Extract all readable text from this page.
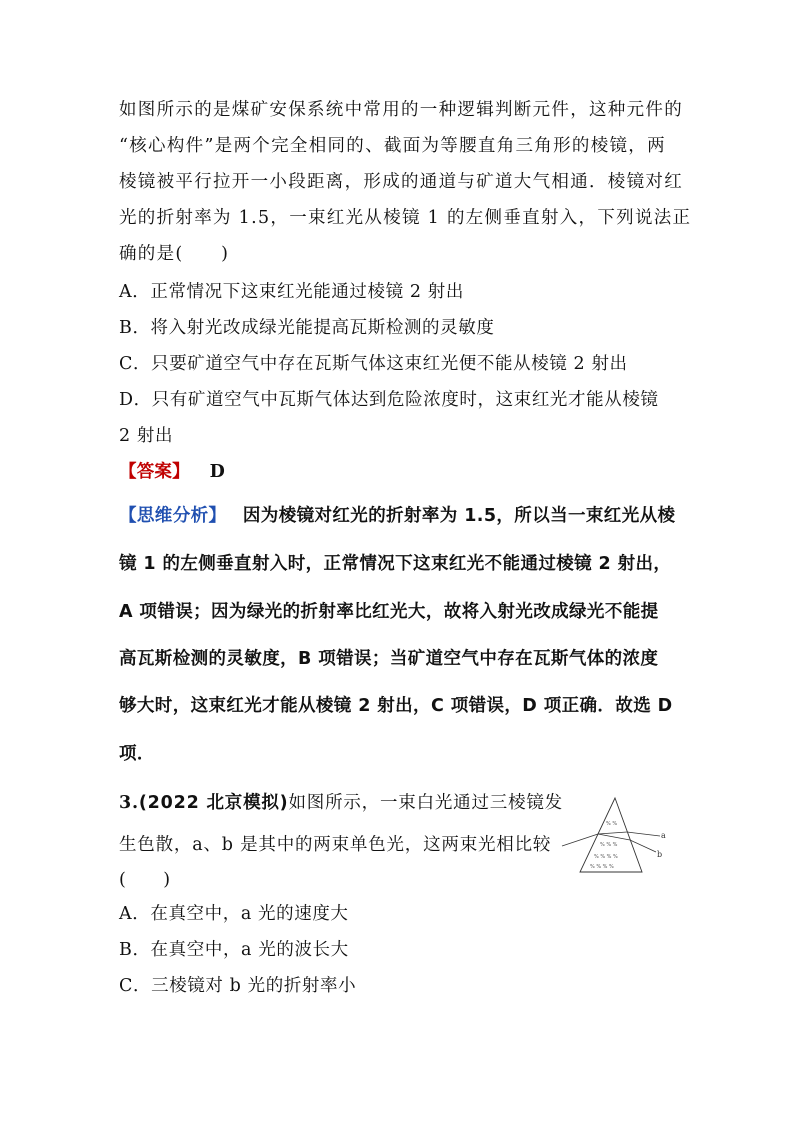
如图所示的是煤矿安保系统中常用的一种逻辑判断元件，这种元件的
“核心构件”是两个完全相同的、截面为等腰直角三角形的棱镜，两
棱镜被平行拉开一小段距离，形成的通道与矿道大气相通．棱镜对红
光的折射率为 1.5，一束红光从棱镜 1 的左侧垂直射入，下列说法正
确的是(　　)
A．正常情况下这束红光能通过棱镜 2 射出
B．将入射光改成绿光能提高瓦斯检测的灵敏度
C．只要矿道空气中存在瓦斯气体这束红光便不能从棱镜 2 射出
D．只有矿道空气中瓦斯气体达到危险浓度时，这束红光才能从棱镜
2 射出
【答案】 D
【思维分析】 因为棱镜对红光的折射率为 1.5，所以当一束红光从棱
镜 1 的左侧垂直射入时，正常情况下这束红光不能通过棱镜 2 射出，
A 项错误；因为绿光的折射率比红光大，故将入射光改成绿光不能提
高瓦斯检测的灵敏度，B 项错误；当矿道空气中存在瓦斯气体的浓度
够大时，这束红光才能从棱镜 2 射出，C 项错误，D 项正确．故选 D
项．
3.(2022 北京模拟)如图所示，一束白光通过三棱镜发
生色散，a、b 是其中的两束单色光，这两束光相比较
(　　)
A．在真空中，a 光的速度大
B．在真空中，a 光的波长大
C．三棱镜对 b 光的折射率小
% %
% % %
% % % %
% % % %
a
b
